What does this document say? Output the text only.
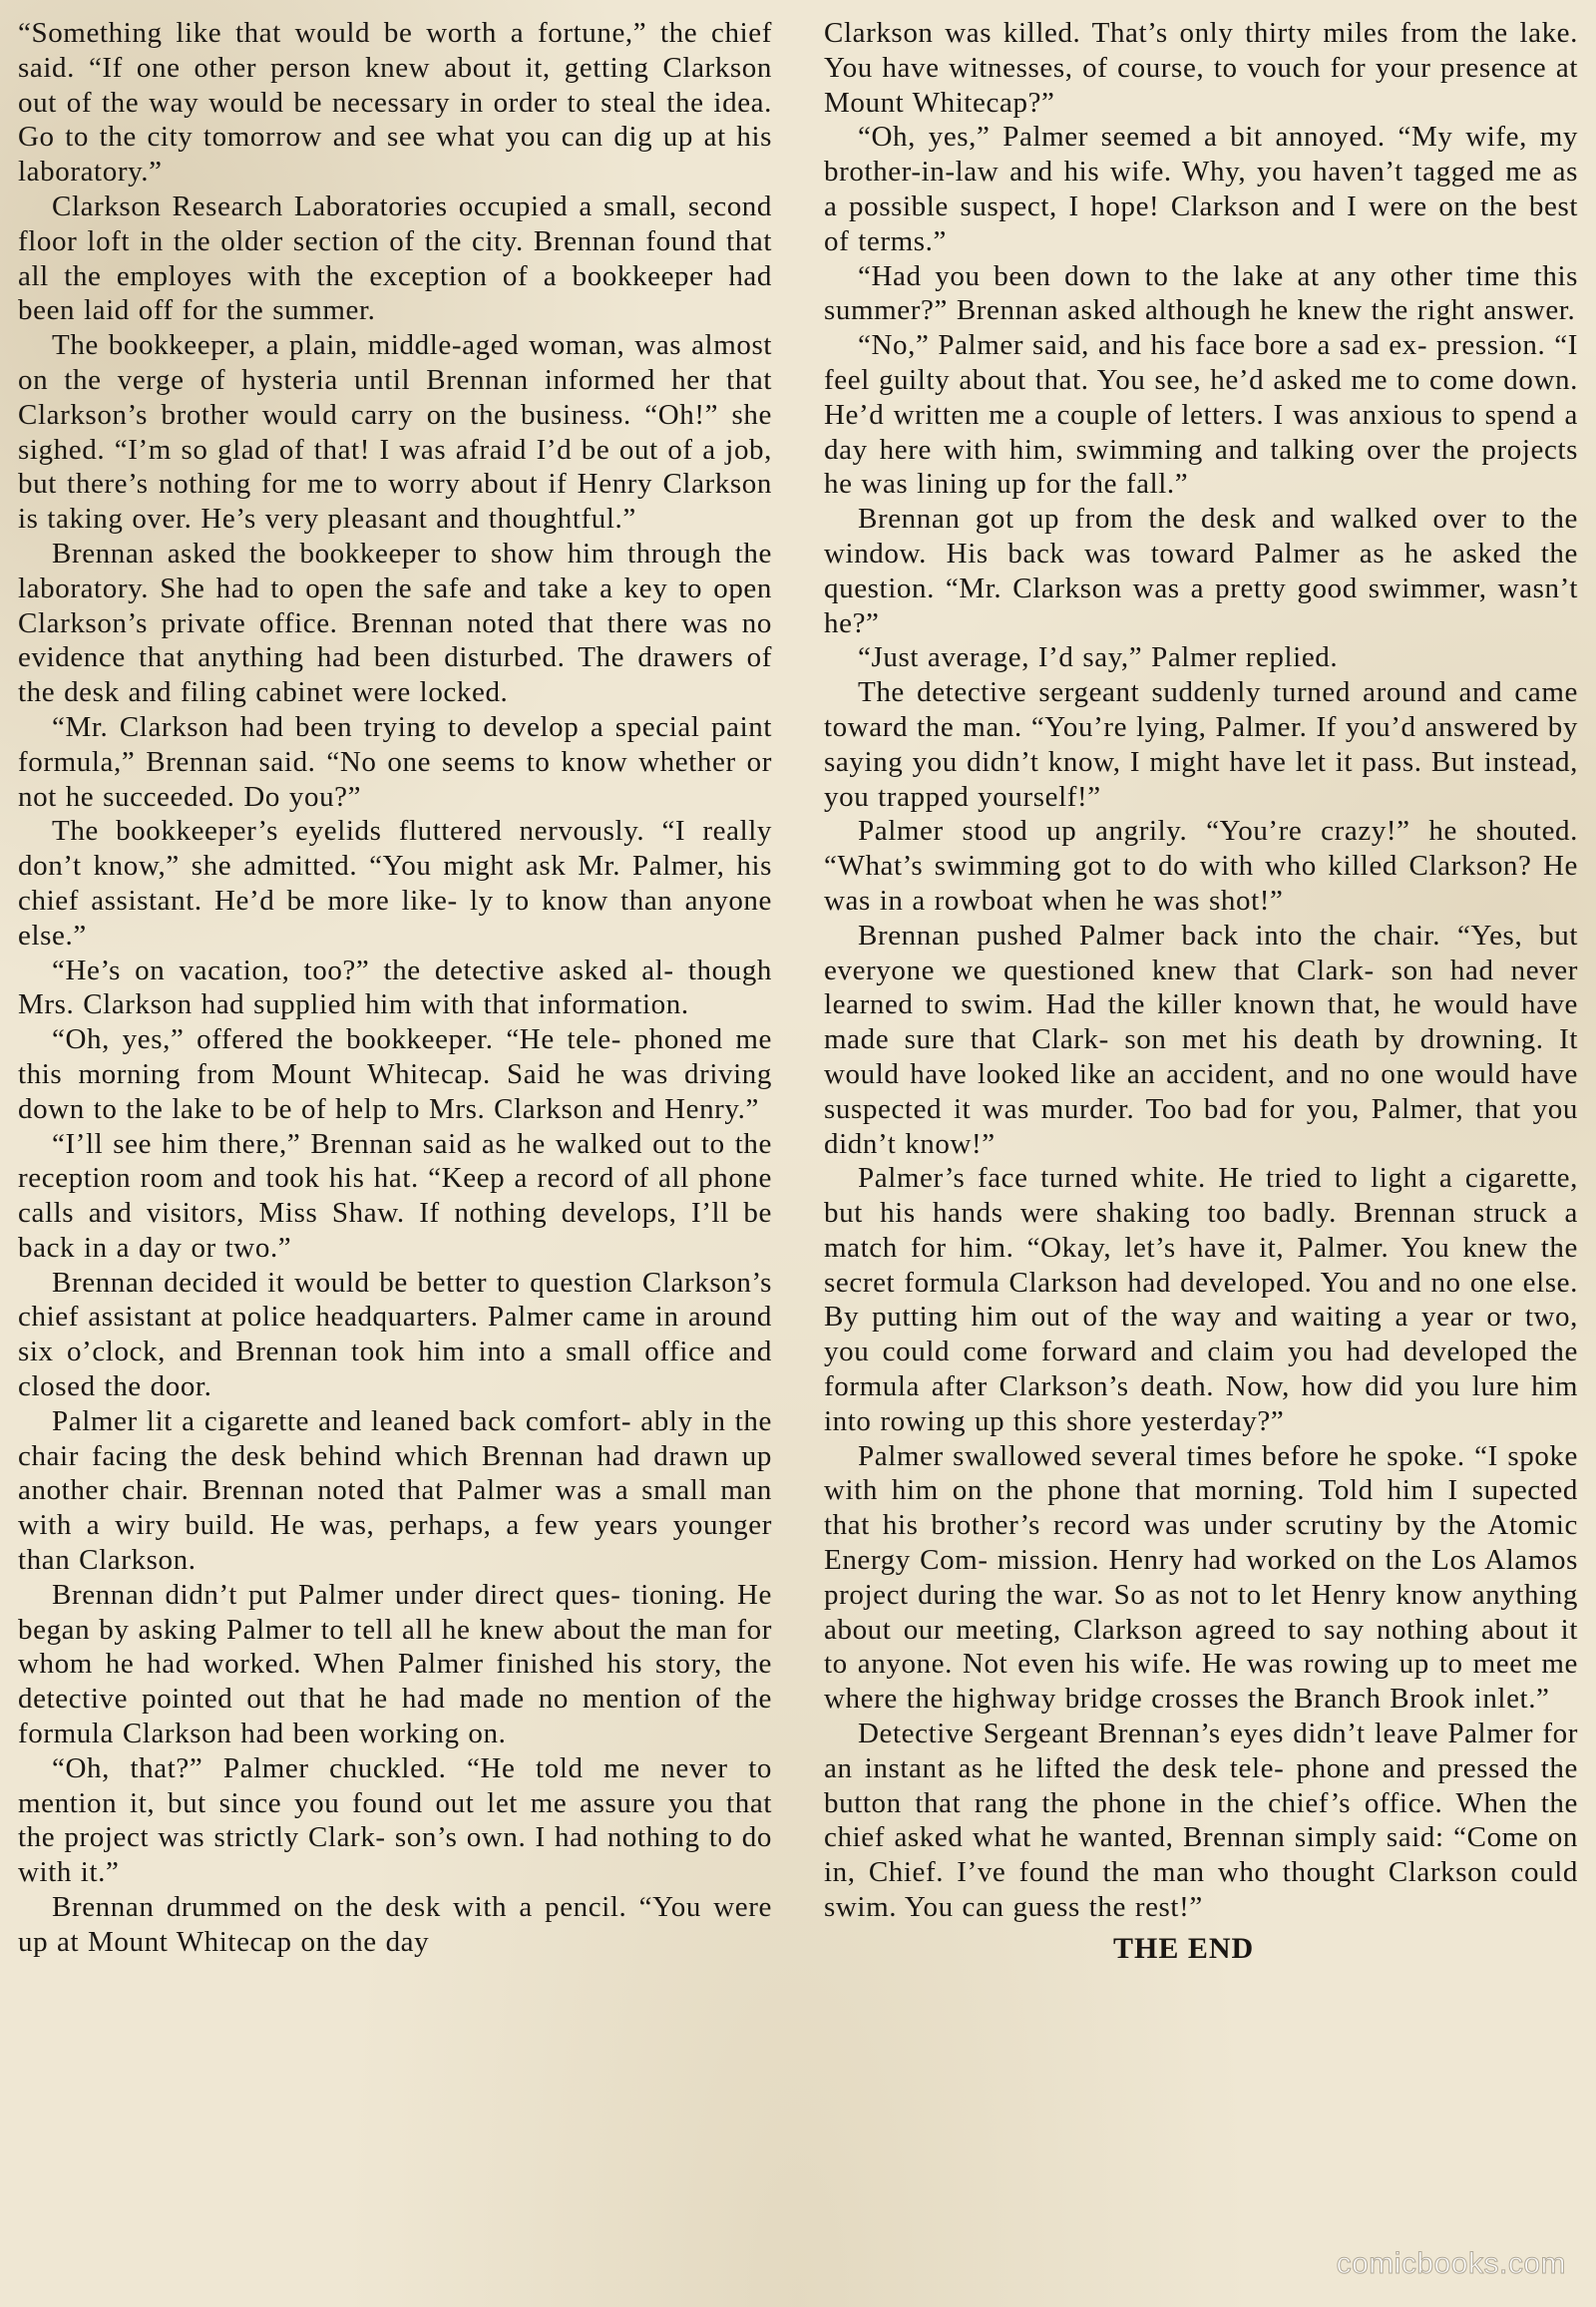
“Something like that would be worth a fortune,” the chief said. “If one other person knew about it, getting Clarkson out of the way would be necessary in order to steal the idea. Go to the city tomorrow and see what you can dig up at his laboratory.”

Clarkson Research Laboratories occupied a small, second floor loft in the older section of the city. Brennan found that all the employes with the exception of a bookkeeper had been laid off for the summer.

The bookkeeper, a plain, middle-aged woman, was almost on the verge of hysteria until Brennan informed her that Clarkson’s brother would carry on the business. “Oh!” she sighed. “I’m so glad of that! I was afraid I’d be out of a job, but there’s nothing for me to worry about if Henry Clarkson is taking over. He’s very pleasant and thoughtful.”

Brennan asked the bookkeeper to show him through the laboratory. She had to open the safe and take a key to open Clarkson’s private office. Brennan noted that there was no evidence that anything had been disturbed. The drawers of the desk and filing cabinet were locked.

“Mr. Clarkson had been trying to develop a special paint formula,” Brennan said. “No one seems to know whether or not he succeeded. Do you?”

The bookkeeper’s eyelids fluttered nervously. “I really don’t know,” she admitted. “You might ask Mr. Palmer, his chief assistant. He’d be more like- ly to know than anyone else.”

“He’s on vacation, too?” the detective asked al- though Mrs. Clarkson had supplied him with that information.

“Oh, yes,” offered the bookkeeper. “He tele- phoned me this morning from Mount Whitecap. Said he was driving down to the lake to be of help to Mrs. Clarkson and Henry.”

“I’ll see him there,” Brennan said as he walked out to the reception room and took his hat. “Keep a record of all phone calls and visitors, Miss Shaw. If nothing develops, I’ll be back in a day or two.”

Brennan decided it would be better to question Clarkson’s chief assistant at police headquarters. Palmer came in around six o’clock, and Brennan took him into a small office and closed the door.

Palmer lit a cigarette and leaned back comfort- ably in the chair facing the desk behind which Brennan had drawn up another chair. Brennan noted that Palmer was a small man with a wiry build. He was, perhaps, a few years younger than Clarkson.

Brennan didn’t put Palmer under direct ques- tioning. He began by asking Palmer to tell all he knew about the man for whom he had worked. When Palmer finished his story, the detective pointed out that he had made no mention of the formula Clarkson had been working on.

“Oh, that?” Palmer chuckled. “He told me never to mention it, but since you found out let me assure you that the project was strictly Clark- son’s own. I had nothing to do with it.”

Brennan drummed on the desk with a pencil. “You were up at Mount Whitecap on the day

Clarkson was killed. That’s only thirty miles from the lake. You have witnesses, of course, to vouch for your presence at Mount Whitecap?”

“Oh, yes,” Palmer seemed a bit annoyed. “My wife, my brother-in-law and his wife. Why, you haven’t tagged me as a possible suspect, I hope! Clarkson and I were on the best of terms.”

“Had you been down to the lake at any other time this summer?” Brennan asked although he knew the right answer.

“No,” Palmer said, and his face bore a sad ex- pression. “I feel guilty about that. You see, he’d asked me to come down. He’d written me a couple of letters. I was anxious to spend a day here with him, swimming and talking over the projects he was lining up for the fall.”

Brennan got up from the desk and walked over to the window. His back was toward Palmer as he asked the question. “Mr. Clarkson was a pretty good swimmer, wasn’t he?”

“Just average, I’d say,” Palmer replied.

The detective sergeant suddenly turned around and came toward the man. “You’re lying, Palmer. If you’d answered by saying you didn’t know, I might have let it pass. But instead, you trapped yourself!”

Palmer stood up angrily. “You’re crazy!” he shouted. “What’s swimming got to do with who killed Clarkson? He was in a rowboat when he was shot!”

Brennan pushed Palmer back into the chair. “Yes, but everyone we questioned knew that Clark- son had never learned to swim. Had the killer known that, he would have made sure that Clark- son met his death by drowning. It would have looked like an accident, and no one would have suspected it was murder. Too bad for you, Palmer, that you didn’t know!”

Palmer’s face turned white. He tried to light a cigarette, but his hands were shaking too badly. Brennan struck a match for him. “Okay, let’s have it, Palmer. You knew the secret formula Clarkson had developed. You and no one else. By putting him out of the way and waiting a year or two, you could come forward and claim you had developed the formula after Clarkson’s death. Now, how did you lure him into rowing up this shore yesterday?”

Palmer swallowed several times before he spoke. “I spoke with him on the phone that morning. Told him I supected that his brother’s record was under scrutiny by the Atomic Energy Com- mission. Henry had worked on the Los Alamos project during the war. So as not to let Henry know anything about our meeting, Clarkson agreed to say nothing about it to anyone. Not even his wife. He was rowing up to meet me where the highway bridge crosses the Branch Brook inlet.”

Detective Sergeant Brennan’s eyes didn’t leave Palmer for an instant as he lifted the desk tele- phone and pressed the button that rang the phone in the chief’s office. When the chief asked what he wanted, Brennan simply said: “Come on in, Chief. I’ve found the man who thought Clarkson could swim. You can guess the rest!”

THE END

comicbooks.com
